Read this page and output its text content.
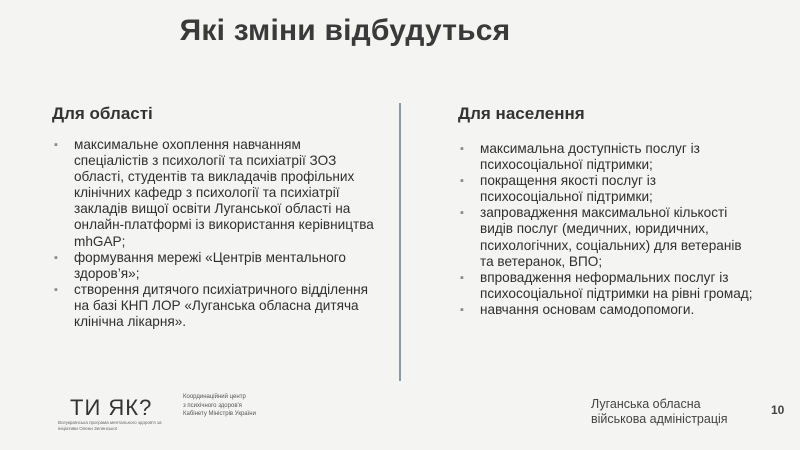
Які зміни відбудуться
Для області	Для населення
▪ максимальне охоплення навчанням спеціалістів з психології та психіатрії ЗОЗ області, студентів та викладачів профільних клінічних кафедр з психології та психіатрії закладів вищої освіти Луганської області на онлайн-платформі із використання керівництва mhGAP;
▪ формування мережі «Центрів ментального здоров’я»;
▪ створення дитячого психіатричного відділення на базі КНП ЛОР «Луганська обласна дитяча клінічна лікарня».
▪ максимальна доступність послуг із психосоціальної підтримки;
▪ покращення якості послуг із психосоціальної підтримки;
▪ запровадження максимальної кількості видів послуг (медичних, юридичних, психологічних, соціальних) для ветеранів та ветеранок, ВПО;
▪ впровадження неформальних послуг із психосоціальної підтримки на рівні громад;
▪ навчання основам самодопомоги.
ТИ ЯК?
Всеукраїнська програма ментального здоров'я за ініціативи Олени Зеленської
Координаційний центр
з психічного здоров'я
Кабінету Міністрів України
Луганська обласна
військова адміністрація
10
